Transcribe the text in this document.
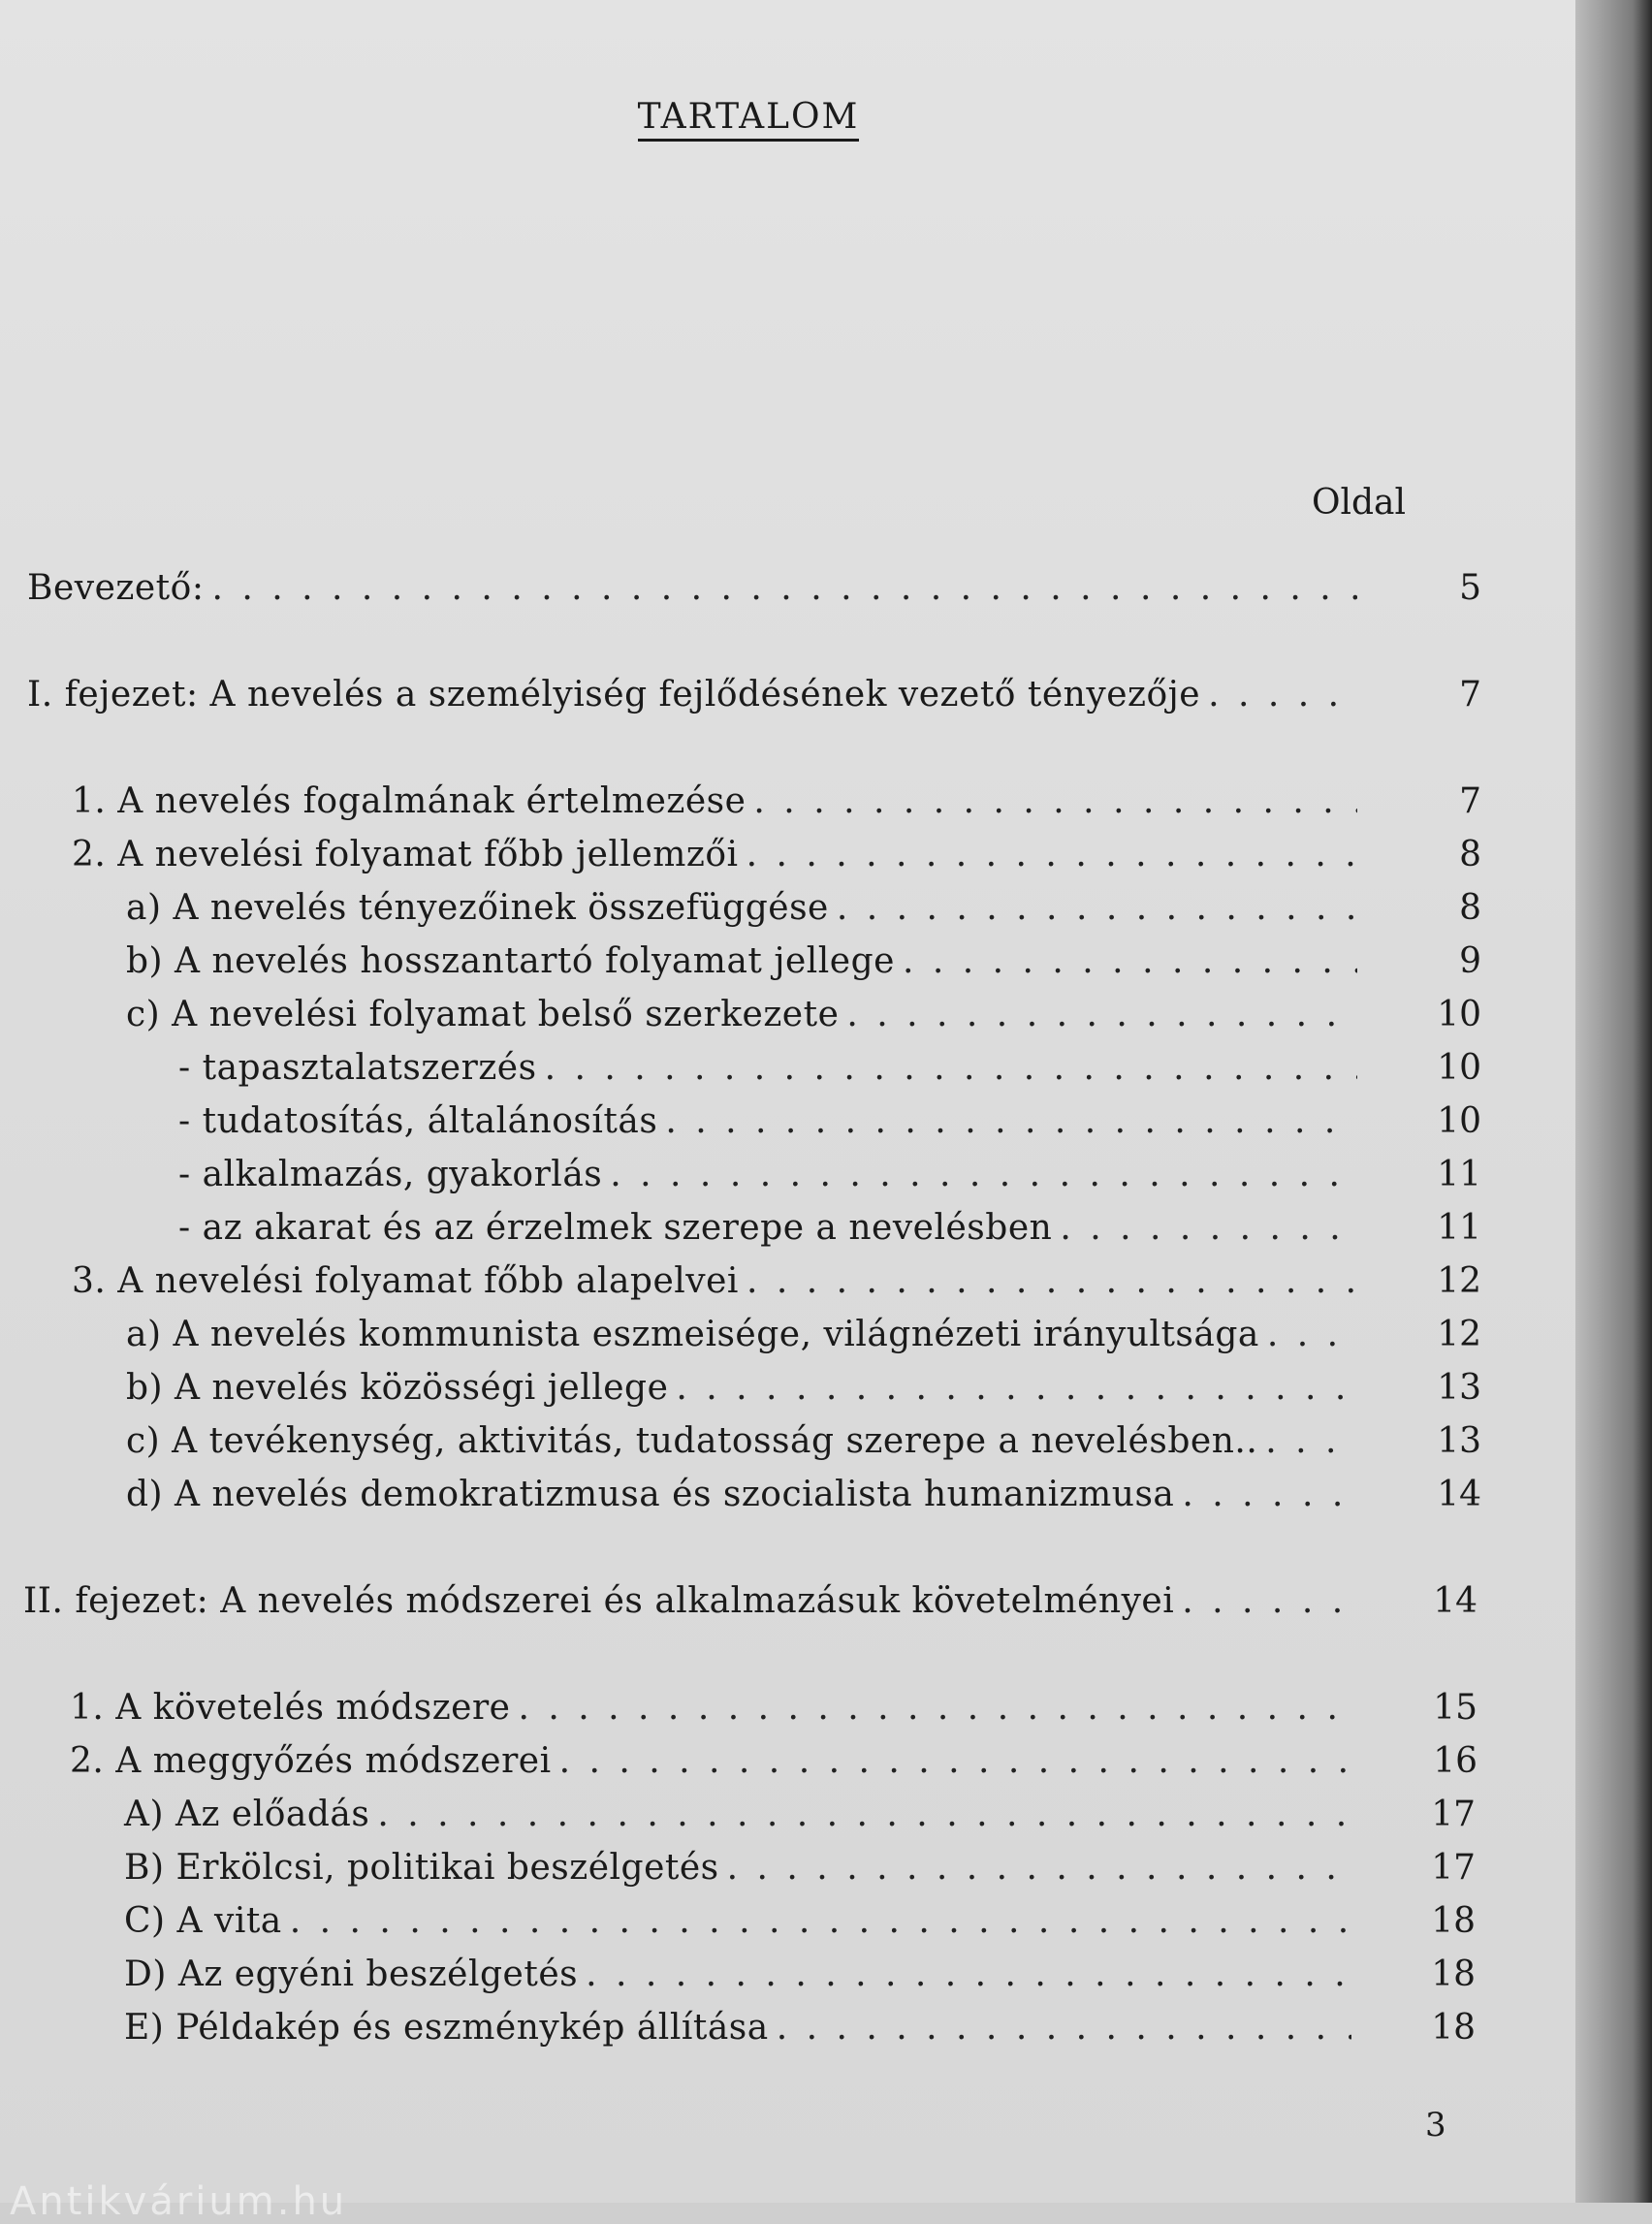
TARTALOM
Oldal
Bevezető: . . .	5
I. fejezet: A nevelés a személyiség fejlődésének vezető tényezője . . .	7
1. A nevelés fogalmának értelmezése . . .	7
2. A nevelési folyamat főbb jellemzői . . .	8
a) A nevelés tényezőinek összefüggése . . .	8
b) A nevelés hosszantartó folyamat jellege . . .	9
c) A nevelési folyamat belső szerkezete . . .	10
- tapasztalatszerzés . . .	10
- tudatosítás, általánosítás . . .	10
- alkalmazás, gyakorlás . . .	11
- az akarat és az érzelmek szerepe a nevelésben . . .	11
3. A nevelési folyamat főbb alapelvei . . .	12
a) A nevelés kommunista eszmeisége, világnézeti irányultsága . . .	12
b) A nevelés közösségi jellege . . .	13
c) A tevékenység, aktivitás, tudatosság szerepe a nevelésben.. . . .	13
d) A nevelés demokratizmusa és szocialista humanizmusa . . .	14
II. fejezet: A nevelés módszerei és alkalmazásuk követelményei . . .	14
1. A követelés módszere . . .	15
2. A meggyőzés módszerei . . .	16
A) Az előadás . . .	17
B) Erkölcsi, politikai beszélgetés . . .	17
C) A vita . . .	18
D) Az egyéni beszélgetés . . .	18
E) Példakép és eszménykép állítása . . .	18
3
Antikvárium.hu
